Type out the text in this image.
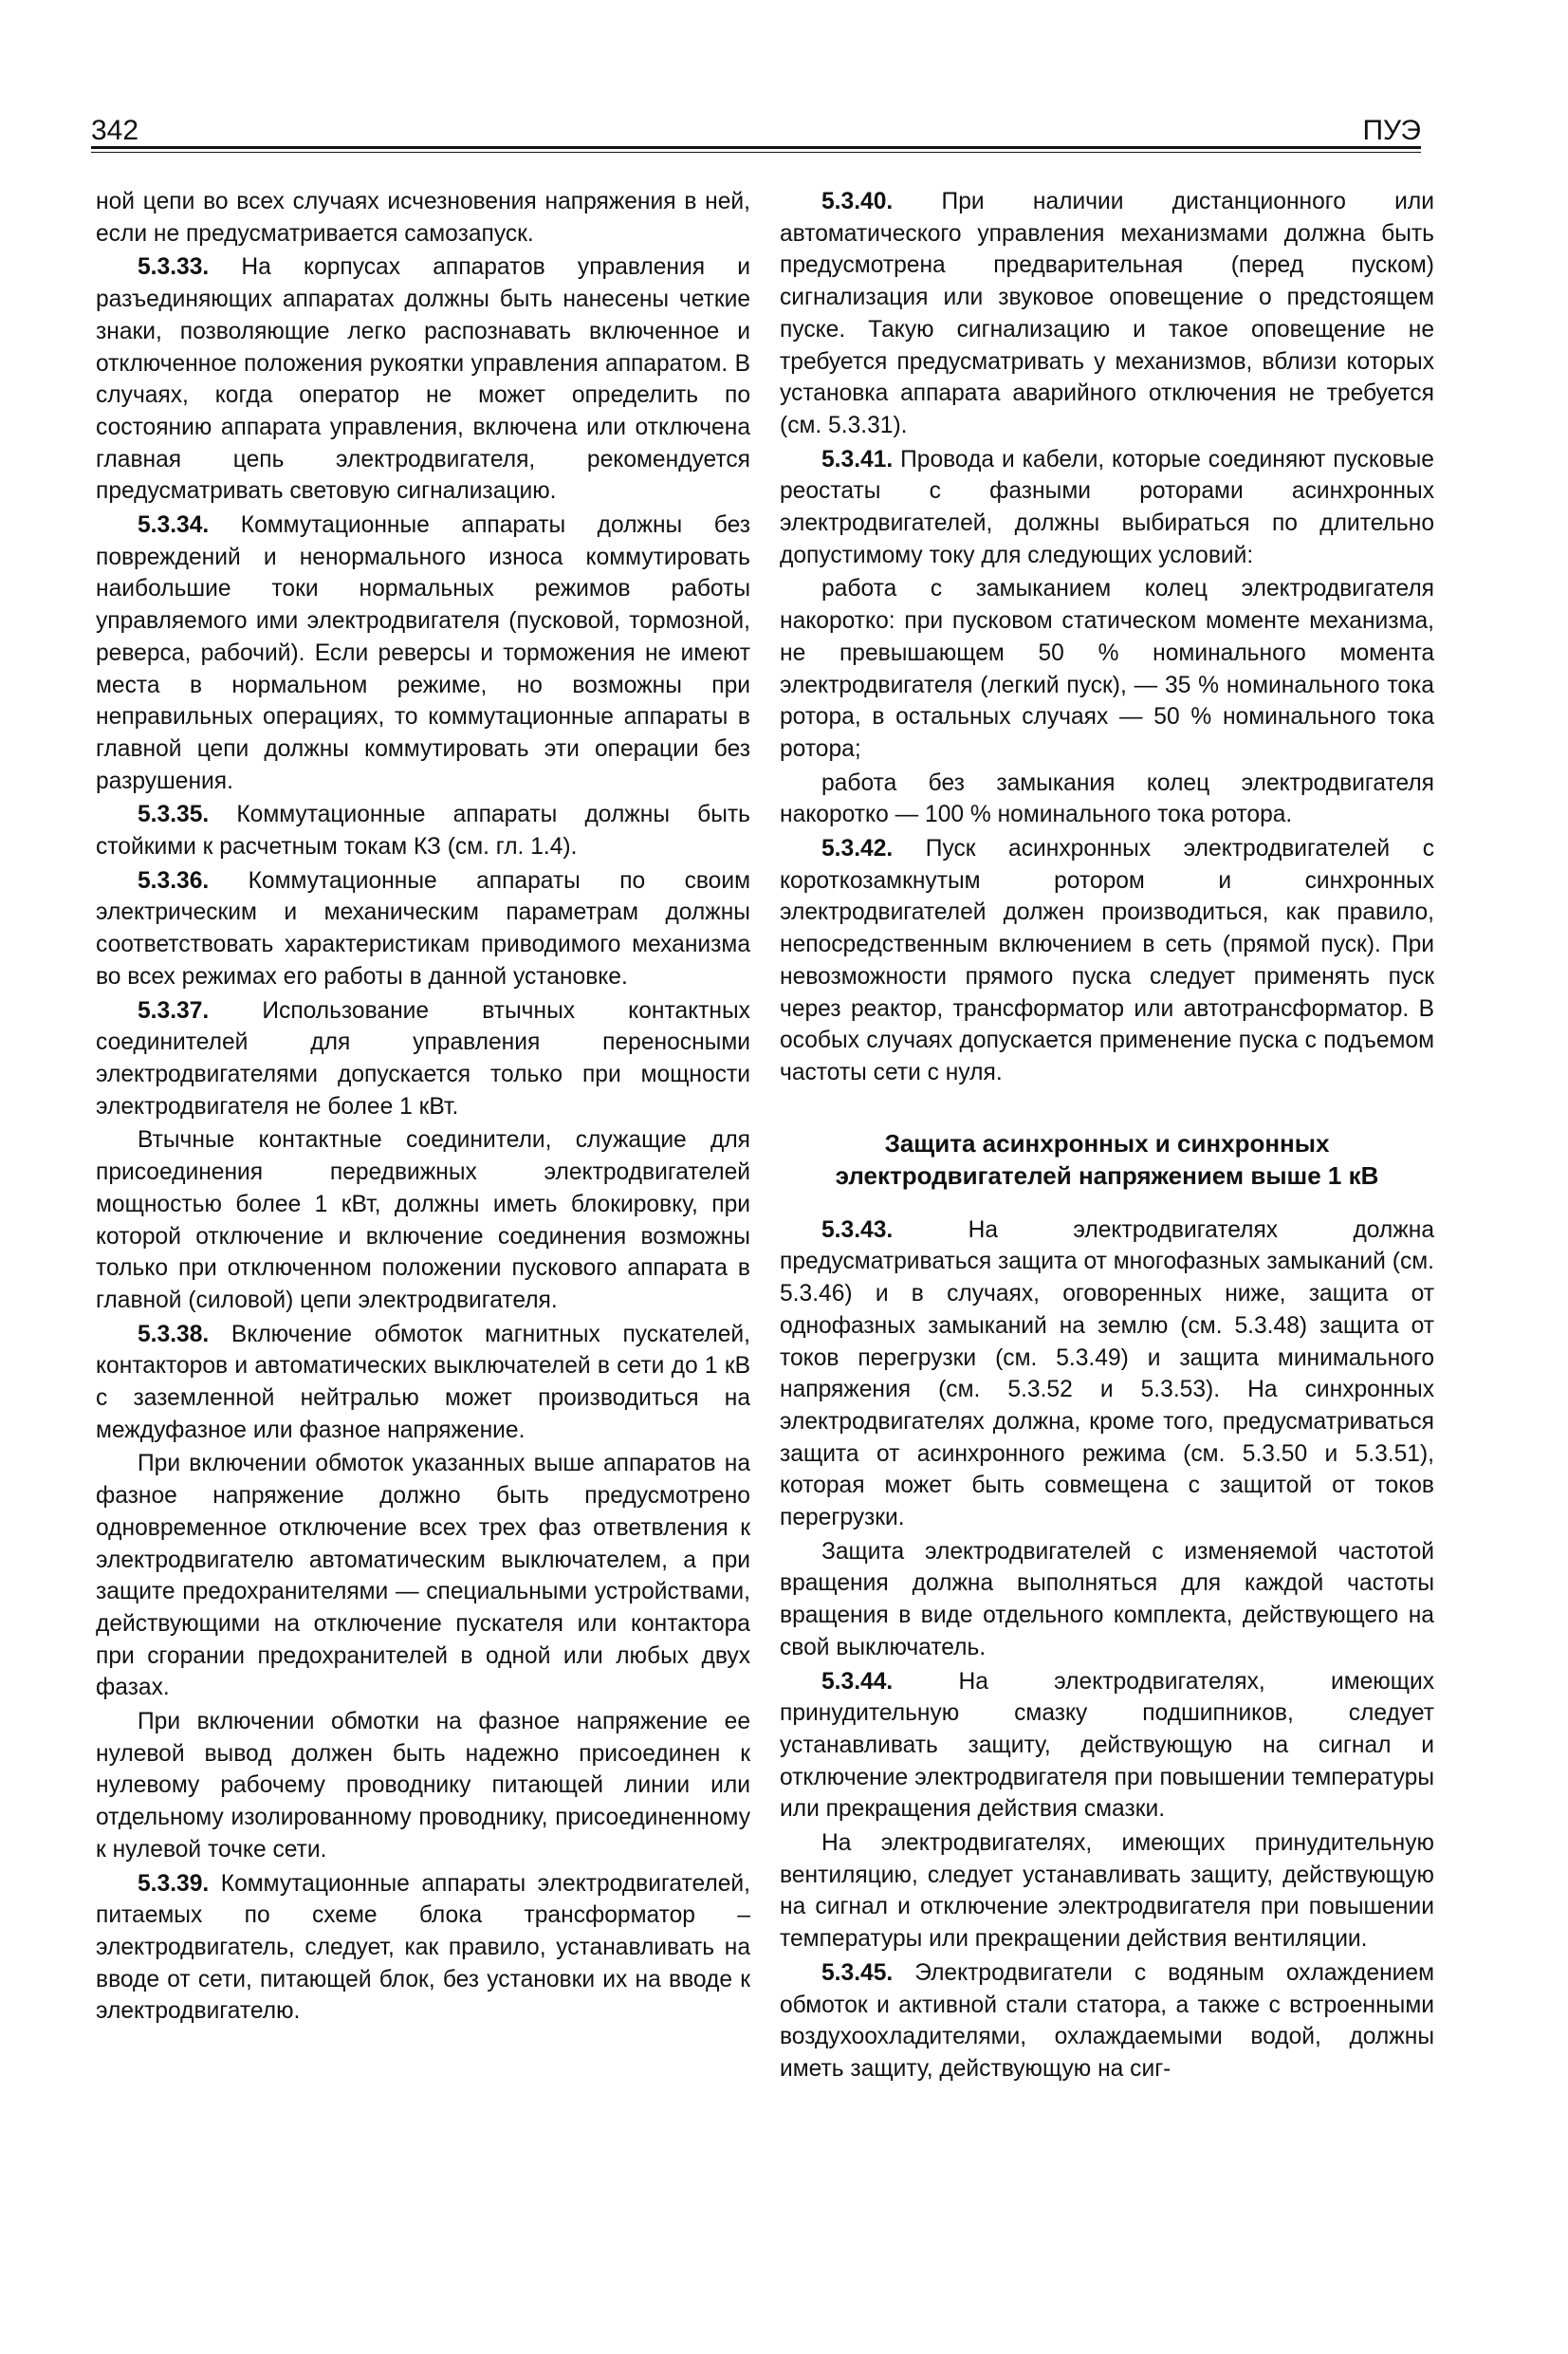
342	ПУЭ

ной цепи во всех случаях исчезновения напряжения в ней, если не предусматривается самозапуск.

5.3.33. На корпусах аппаратов управления и разъединяющих аппаратах должны быть нанесены четкие знаки, позволяющие легко распознавать включенное и отключенное положения рукоятки управления аппаратом. В случаях, когда оператор не может определить по состоянию аппарата управления, включена или отключена главная цепь электродвигателя, рекомендуется предусматривать световую сигнализацию.

5.3.34. Коммутационные аппараты должны без повреждений и ненормального износа коммутировать наибольшие токи нормальных режимов работы управляемого ими электродвигателя (пусковой, тормозной, реверса, рабочий). Если реверсы и торможения не имеют места в нормальном режиме, но возможны при неправильных операциях, то коммутационные аппараты в главной цепи должны коммутировать эти операции без разрушения.

5.3.35. Коммутационные аппараты должны быть стойкими к расчетным токам КЗ (см. гл. 1.4).

5.3.36. Коммутационные аппараты по своим электрическим и механическим параметрам должны соответствовать характеристикам приводимого механизма во всех режимах его работы в данной установке.

5.3.37. Использование втычных контактных соединителей для управления переносными электродвигателями допускается только при мощности электродвигателя не более 1 кВт.

Втычные контактные соединители, служащие для присоединения передвижных электродвигателей мощностью более 1 кВт, должны иметь блокировку, при которой отключение и включение соединения возможны только при отключенном положении пускового аппарата в главной (силовой) цепи электродвигателя.

5.3.38. Включение обмоток магнитных пускателей, контакторов и автоматических выключателей в сети до 1 кВ с заземленной нейтралью может производиться на междуфазное или фазное напряжение.

При включении обмоток указанных выше аппаратов на фазное напряжение должно быть предусмотрено одновременное отключение всех трех фаз ответвления к электродвигателю автоматическим выключателем, а при защите предохранителями — специальными устройствами, действующими на отключение пускателя или контактора при сгорании предохранителей в одной или любых двух фазах.

При включении обмотки на фазное напряжение ее нулевой вывод должен быть надежно присоединен к нулевому рабочему проводнику питающей линии или отдельному изолированному проводнику, присоединенному к нулевой точке сети.

5.3.39. Коммутационные аппараты электродвигателей, питаемых по схеме блока трансформатор – электродвигатель, следует, как правило, устанавливать на вводе от сети, питающей блок, без установки их на вводе к электродвигателю.

5.3.40. При наличии дистанционного или автоматического управления механизмами должна быть предусмотрена предварительная (перед пуском) сигнализация или звуковое оповещение о предстоящем пуске. Такую сигнализацию и такое оповещение не требуется предусматривать у механизмов, вблизи которых установка аппарата аварийного отключения не требуется (см. 5.3.31).

5.3.41. Провода и кабели, которые соединяют пусковые реостаты с фазными роторами асинхронных электродвигателей, должны выбираться по длительно допустимому току для следующих условий:

работа с замыканием колец электродвигателя накоротко: при пусковом статическом моменте механизма, не превышающем 50 % номинального момента электродвигателя (легкий пуск), — 35 % номинального тока ротора, в остальных случаях — 50 % номинального тока ротора;

работа без замыкания колец электродвигателя накоротко — 100 % номинального тока ротора.

5.3.42. Пуск асинхронных электродвигателей с короткозамкнутым ротором и синхронных электродвигателей должен производиться, как правило, непосредственным включением в сеть (прямой пуск). При невозможности прямого пуска следует применять пуск через реактор, трансформатор или автотрансформатор. В особых случаях допускается применение пуска с подъемом частоты сети с нуля.

Защита асинхронных и синхронных электродвигателей напряжением выше 1 кВ

5.3.43.	На электродвигателях должна предусматриваться защита от многофазных замыканий (см. 5.3.46) и в случаях, оговоренных ниже, защита от однофазных замыканий на землю (см. 5.3.48) защита от токов перегрузки (см. 5.3.49) и защита минимального напряжения (см. 5.3.52 и 5.3.53). На синхронных электродвигателях должна, кроме того, предусматриваться защита от асинхронного режима (см. 5.3.50 и 5.3.51), которая может быть совмещена с защитой от токов перегрузки.

Защита электродвигателей с изменяемой частотой вращения должна выполняться для каждой частоты вращения в виде отдельного комплекта, действующего на свой выключатель.

5.3.44.	На электродвигателях, имеющих принудительную смазку подшипников, следует устанавливать защиту, действующую на сигнал и отключение электродвигателя при повышении температуры или прекращения действия смазки.

На электродвигателях, имеющих принудительную вентиляцию, следует устанавливать защиту, действующую на сигнал и отключение электродвигателя при повышении температуры или прекращении действия вентиляции.

5.3.45. Электродвигатели с водяным охлаждением обмоток и активной стали статора, а также с встроенными воздухоохладителями, охлаждаемыми водой, должны иметь защиту, действующую на сиг-
